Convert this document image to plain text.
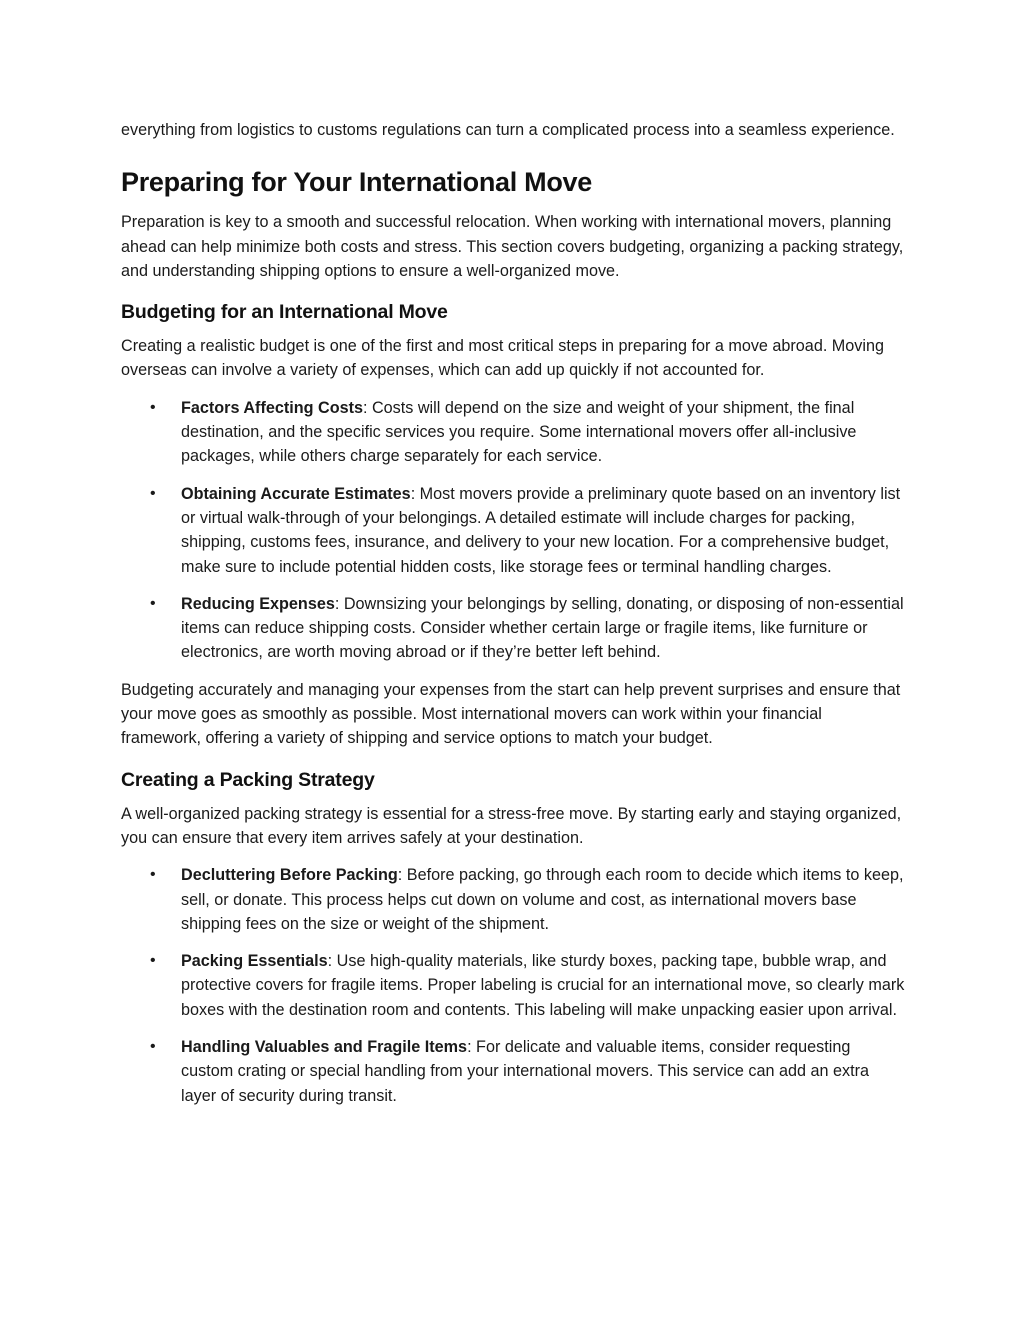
everything from logistics to customs regulations can turn a complicated process into a seamless experience.

Preparing for Your International Move

Preparation is key to a smooth and successful relocation. When working with international movers, planning ahead can help minimize both costs and stress. This section covers budgeting, organizing a packing strategy, and understanding shipping options to ensure a well-organized move.

Budgeting for an International Move

Creating a realistic budget is one of the first and most critical steps in preparing for a move abroad. Moving overseas can involve a variety of expenses, which can add up quickly if not accounted for.

• Factors Affecting Costs: Costs will depend on the size and weight of your shipment, the final destination, and the specific services you require. Some international movers offer all-inclusive packages, while others charge separately for each service.
• Obtaining Accurate Estimates: Most movers provide a preliminary quote based on an inventory list or virtual walk-through of your belongings. A detailed estimate will include charges for packing, shipping, customs fees, insurance, and delivery to your new location. For a comprehensive budget, make sure to include potential hidden costs, like storage fees or terminal handling charges.
• Reducing Expenses: Downsizing your belongings by selling, donating, or disposing of non-essential items can reduce shipping costs. Consider whether certain large or fragile items, like furniture or electronics, are worth moving abroad or if they’re better left behind.

Budgeting accurately and managing your expenses from the start can help prevent surprises and ensure that your move goes as smoothly as possible. Most international movers can work within your financial framework, offering a variety of shipping and service options to match your budget.

Creating a Packing Strategy

A well-organized packing strategy is essential for a stress-free move. By starting early and staying organized, you can ensure that every item arrives safely at your destination.

• Decluttering Before Packing: Before packing, go through each room to decide which items to keep, sell, or donate. This process helps cut down on volume and cost, as international movers base shipping fees on the size or weight of the shipment.
• Packing Essentials: Use high-quality materials, like sturdy boxes, packing tape, bubble wrap, and protective covers for fragile items. Proper labeling is crucial for an international move, so clearly mark boxes with the destination room and contents. This labeling will make unpacking easier upon arrival.
• Handling Valuables and Fragile Items: For delicate and valuable items, consider requesting custom crating or special handling from your international movers. This service can add an extra layer of security during transit.
